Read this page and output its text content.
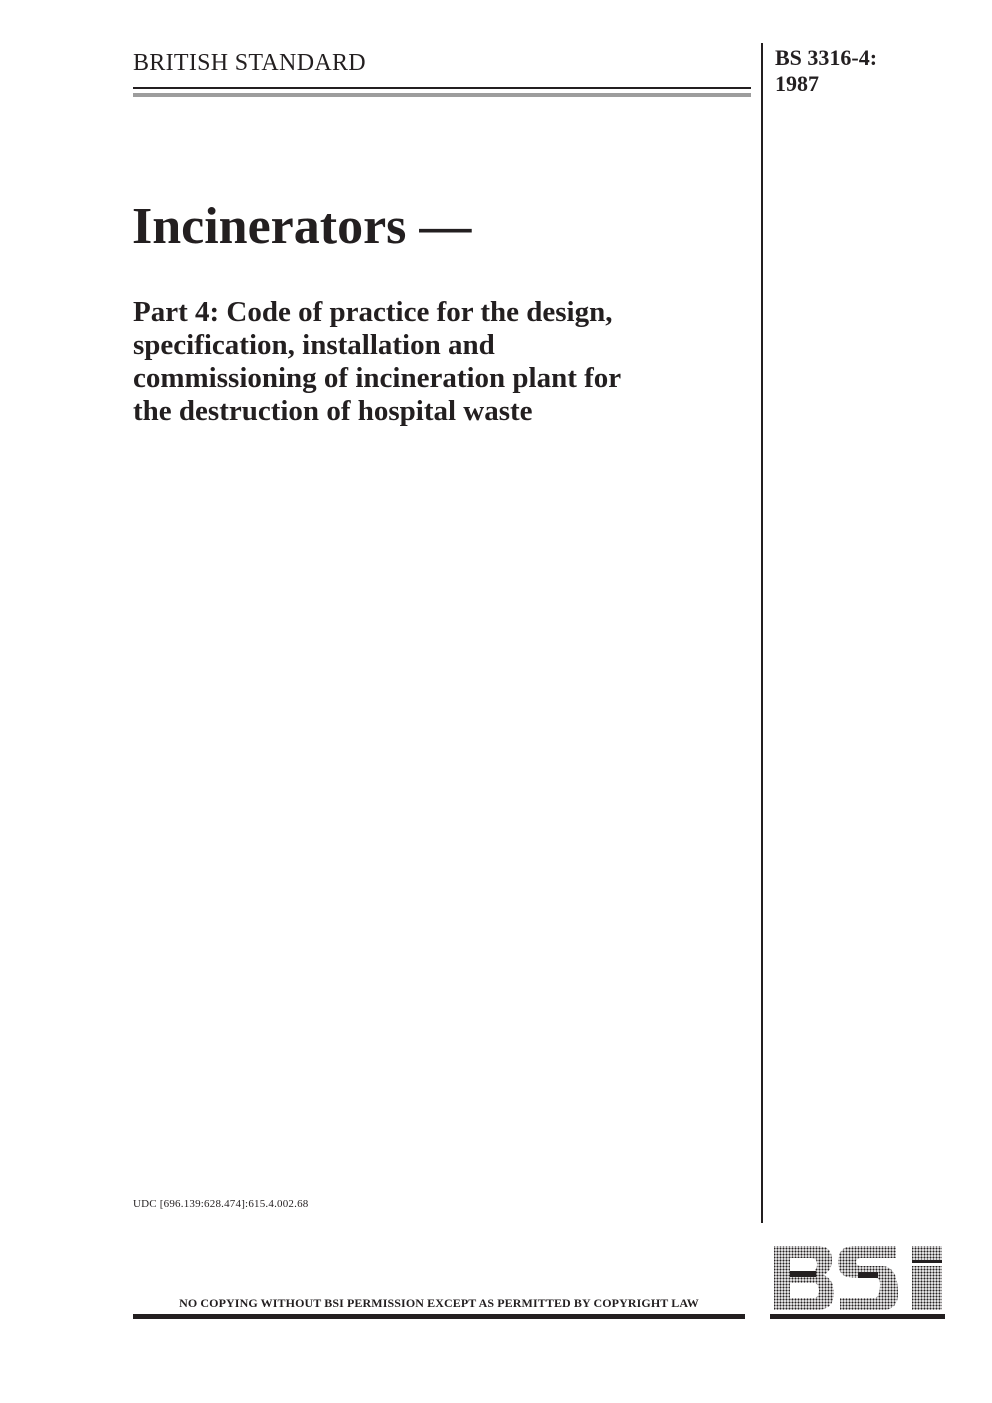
BRITISH STANDARD	BS 3316-4:
1987
Incinerators —
Part 4: Code of practice for the design,
specification, installation and
commissioning of incineration plant for
the destruction of hospital waste
UDC [696.139:628.474]:615.4.002.68
NO COPYING WITHOUT BSI PERMISSION EXCEPT AS PERMITTED BY COPYRIGHT LAW
